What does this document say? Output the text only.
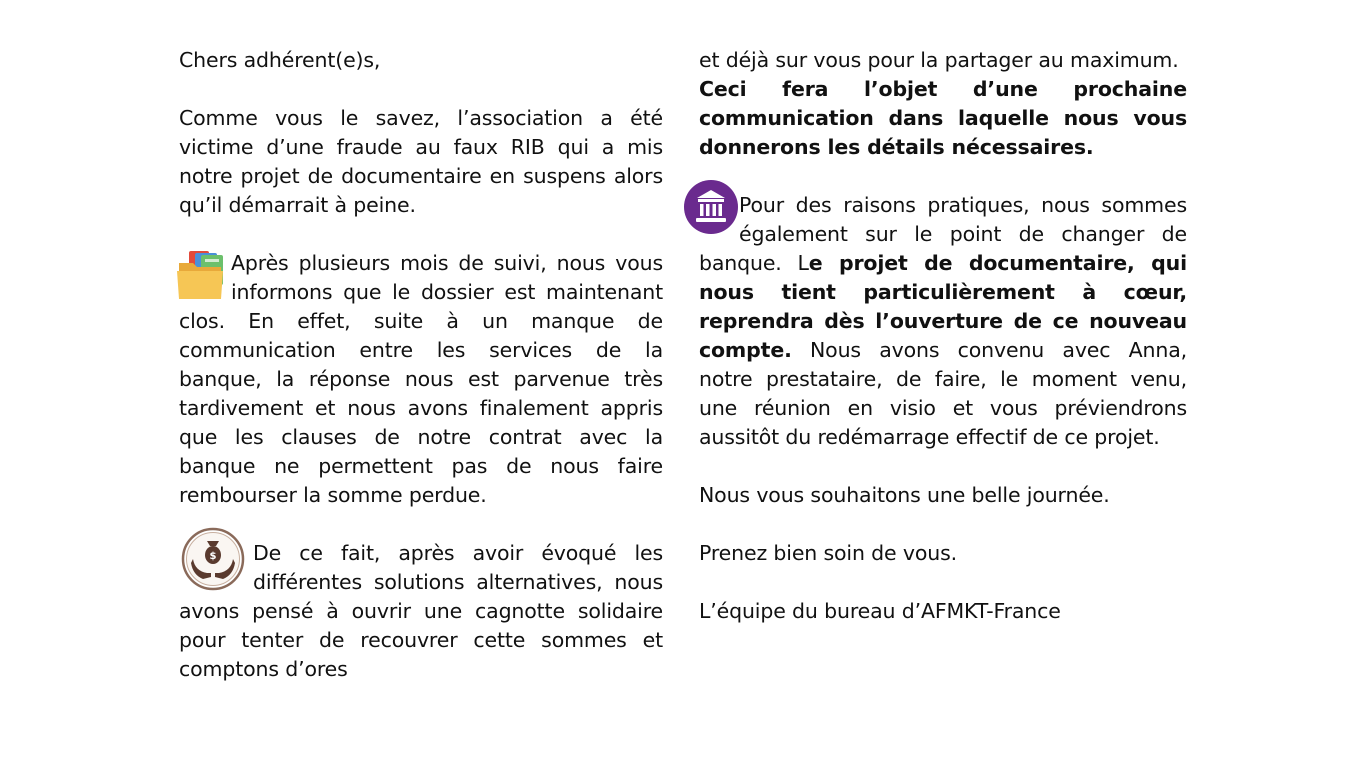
Chers adhérent(e)s,

Comme vous le savez, l’association a été victime d’une fraude au faux RIB qui a mis notre projet de documentaire en suspens alors qu’il démarrait à peine.

Après plusieurs mois de suivi, nous vous informons que le dossier est maintenant clos. En effet, suite à un manque de communication entre les services de la banque, la réponse nous est parvenue très tardivement et nous avons finalement appris que les clauses de notre contrat avec la banque ne permettent pas de nous faire rembourser la somme perdue.

$	De ce fait, après avoir évoqué les différentes solutions alternatives, nous avons pensé à ouvrir une cagnotte solidaire pour tenter de recouvrer cette sommes et comptons d’ores

et déjà sur vous pour la partager au maximum.

Ceci fera l’objet d’une prochaine communication dans laquelle nous vous donnerons les détails nécessaires.

Pour des raisons pratiques, nous sommes également sur le point de changer de banque. Le projet de documentaire, qui nous tient particulièrement à cœur, reprendra dès l’ouverture de ce nouveau compte. Nous avons convenu avec Anna, notre prestataire, de faire, le moment venu, une réunion en visio et vous préviendrons aussitôt du redémarrage effectif de ce projet.

Nous vous souhaitons une belle journée.

Prenez bien soin de vous.

L’équipe du bureau d’AFMKT-France
